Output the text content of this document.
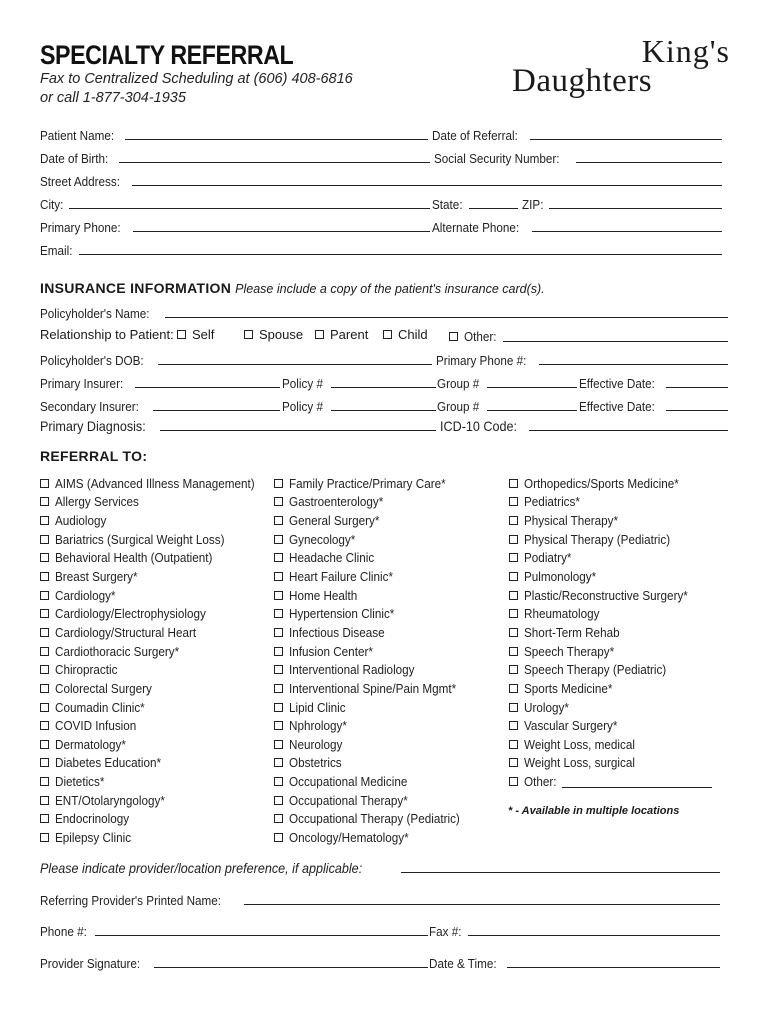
SPECIALTY REFERRAL
Fax to Centralized Scheduling at (606) 408-6816
or call 1-877-304-1935
King's
Daughters
Patient Name:	Date of Referral:
Date of Birth:	Social Security Number:
Street Address:
City:	State:	ZIP:
Primary Phone:	Alternate Phone:
Email:
INSURANCE INFORMATION Please include a copy of the patient's insurance card(s).
Policyholder's Name:
Relationship to Patient: Self	Spouse Parent Child	Other:
Policyholder's DOB:	Primary Phone #:
Primary Insurer:	Policy #	Group #	Effective Date:
Secondary Insurer:	Policy #	Group #	Effective Date:
Primary Diagnosis:	ICD-10 Code:
REFERRAL TO:
AIMS (Advanced Illness Management)
Allergy Services
Audiology
Bariatrics (Surgical Weight Loss)
Behavioral Health (Outpatient)
Breast Surgery*
Cardiology*
Cardiology/Electrophysiology
Cardiology/Structural Heart
Cardiothoracic Surgery*
Chiropractic
Colorectal Surgery
Coumadin Clinic*
COVID Infusion
Dermatology*
Diabetes Education*
Dietetics*
ENT/Otolaryngology*
Endocrinology
Epilepsy Clinic
Family Practice/Primary Care*
Gastroenterology*
General Surgery*
Gynecology*
Headache Clinic
Heart Failure Clinic*
Home Health
Hypertension Clinic*
Infectious Disease
Infusion Center*
Interventional Radiology
Interventional Spine/Pain Mgmt*
Lipid Clinic
Nphrology*
Neurology
Obstetrics
Occupational Medicine
Occupational Therapy*
Occupational Therapy (Pediatric)
Oncology/Hematology*
Orthopedics/Sports Medicine*
Pediatrics*
Physical Therapy*
Physical Therapy (Pediatric)
Podiatry*
Pulmonology*
Plastic/Reconstructive Surgery*
Rheumatology
Short-Term Rehab
Speech Therapy*
Speech Therapy (Pediatric)
Sports Medicine*
Urology*
Vascular Surgery*
Weight Loss, medical
Weight Loss, surgical
Other:
* - Available in multiple locations
Please indicate provider/location preference, if applicable:
Referring Provider's Printed Name:
Phone #:	Fax #:
Provider Signature:	Date & Time:
